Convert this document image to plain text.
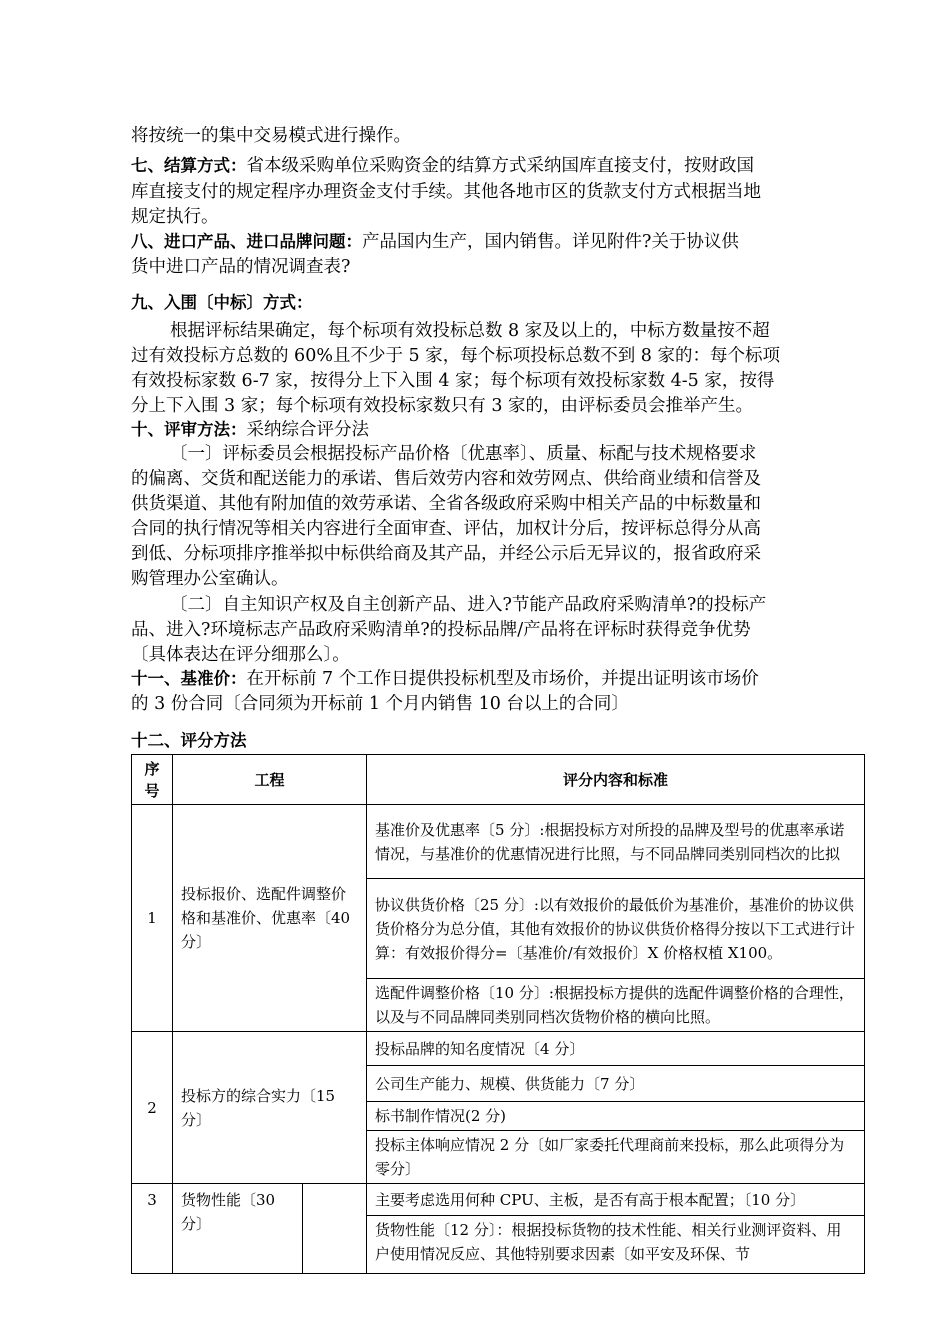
将按统一的集中交易模式进行操作。
七、结算方式：省本级采购单位采购资金的结算方式采纳国库直接支付，按财政国
库直接支付的规定程序办理资金支付手续。其他各地市区的货款支付方式根据当地
规定执行。
八、进口产品、进口品牌问题：产品国内生产，国内销售。详见附件?关于协议供
货中进口产品的情况调查表?
九、入围〔中标〕方式：
根据评标结果确定，每个标项有效投标总数 8 家及以上的，中标方数量按不超
过有效投标方总数的 60%且不少于 5 家，每个标项投标总数不到 8 家的：每个标项
有效投标家数 6-7 家，按得分上下入围 4 家；每个标项有效投标家数 4-5 家，按得
分上下入围 3 家；每个标项有效投标家数只有 3 家的，由评标委员会推举产生。
十、评审方法：采纳综合评分法
〔一〕评标委员会根据投标产品价格〔优惠率〕、质量、标配与技术规格要求
的偏离、交货和配送能力的承诺、售后效劳内容和效劳网点、供给商业绩和信誉及
供货渠道、其他有附加值的效劳承诺、全省各级政府采购中相关产品的中标数量和
合同的执行情况等相关内容进行全面审查、评估，加权计分后，按评标总得分从高
到低、分标项排序推举拟中标供给商及其产品，并经公示后无异议的，报省政府采
购管理办公室确认。
〔二〕自主知识产权及自主创新产品、进入?节能产品政府采购清单?的投标产
品、进入?环境标志产品政府采购清单?的投标品牌/产品将在评标时获得竞争优势
〔具体表达在评分细那么〕。
十一、基准价：在开标前 7 个工作日提供投标机型及市场价，并提出证明该市场价
的 3 份合同〔合同须为开标前 1 个月内销售 10 台以上的合同〕
十二、评分方法
序
号	工程		评分内容和标准
1	投标报价、选配件调整价格和基准价、优惠率〔40 分〕		基准价及优惠率〔5 分〕:根据投标方对所投的品牌及型号的优惠率承诺情况，与基准价的优惠情况进行比照，与不同品牌同类别同档次的比拟
			协议供货价格〔25 分〕:以有效报价的最低价为基准价，基准价的协议供货价格分为总分值，其他有效报价的协议供货价格得分按以下工式进行计算：有效报价得分=〔基准价/有效报价〕X 价格权植 X100。
			选配件调整价格〔10 分〕:根据投标方提供的选配件调整价格的合理性，以及与不同品牌同类别同档次货物价格的横向比照。
2	投标方的综合实力〔15 分〕		投标品牌的知名度情况〔4 分〕
			公司生产能力、规模、供货能力〔7 分〕
			标书制作情况(2 分)
			投标主体响应情况 2 分〔如厂家委托代理商前来投标，那么此项得分为零分〕
3	货物性能〔30 分〕		主要考虑选用何种 CPU、主板，是否有高于根本配置；〔10 分〕
			货物性能〔12 分〕：根据投标货物的技术性能、相关行业测评资料、用户使用情况反应、其他特别要求因素〔如平安及环保、节
